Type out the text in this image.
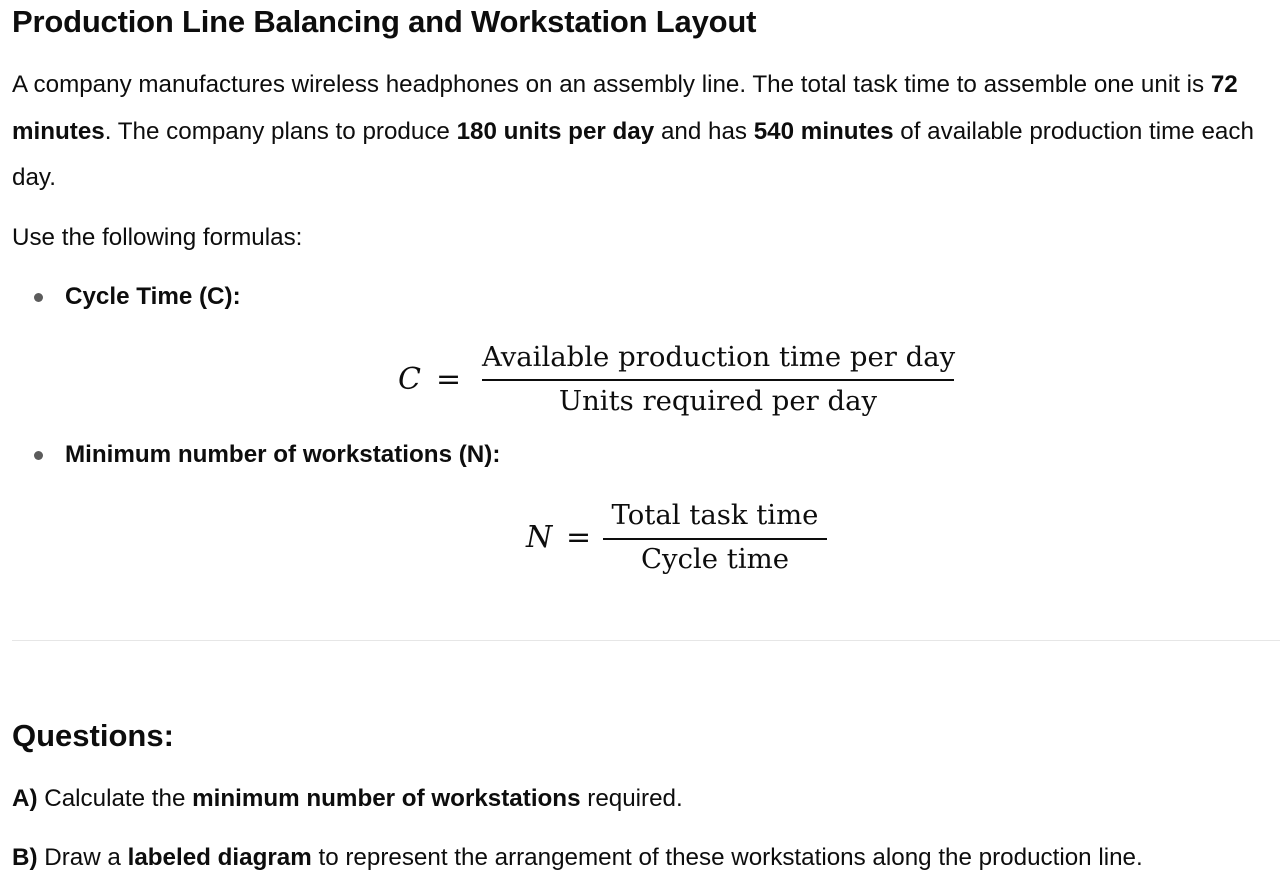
Production Line Balancing and Workstation Layout

A company manufactures wireless headphones on an assembly line. The total task time to assemble one unit is 72 minutes. The company plans to produce 180 units per day and has 540 minutes of available production time each day.

Use the following formulas:

Cycle Time (C):

C =
Available production time per day
Units required per day

Minimum number of workstations (N):

N =
Total task time
Cycle time
Questions:

A) Calculate the minimum number of workstations required.

B) Draw a labeled diagram to represent the arrangement of these workstations along the production line.
